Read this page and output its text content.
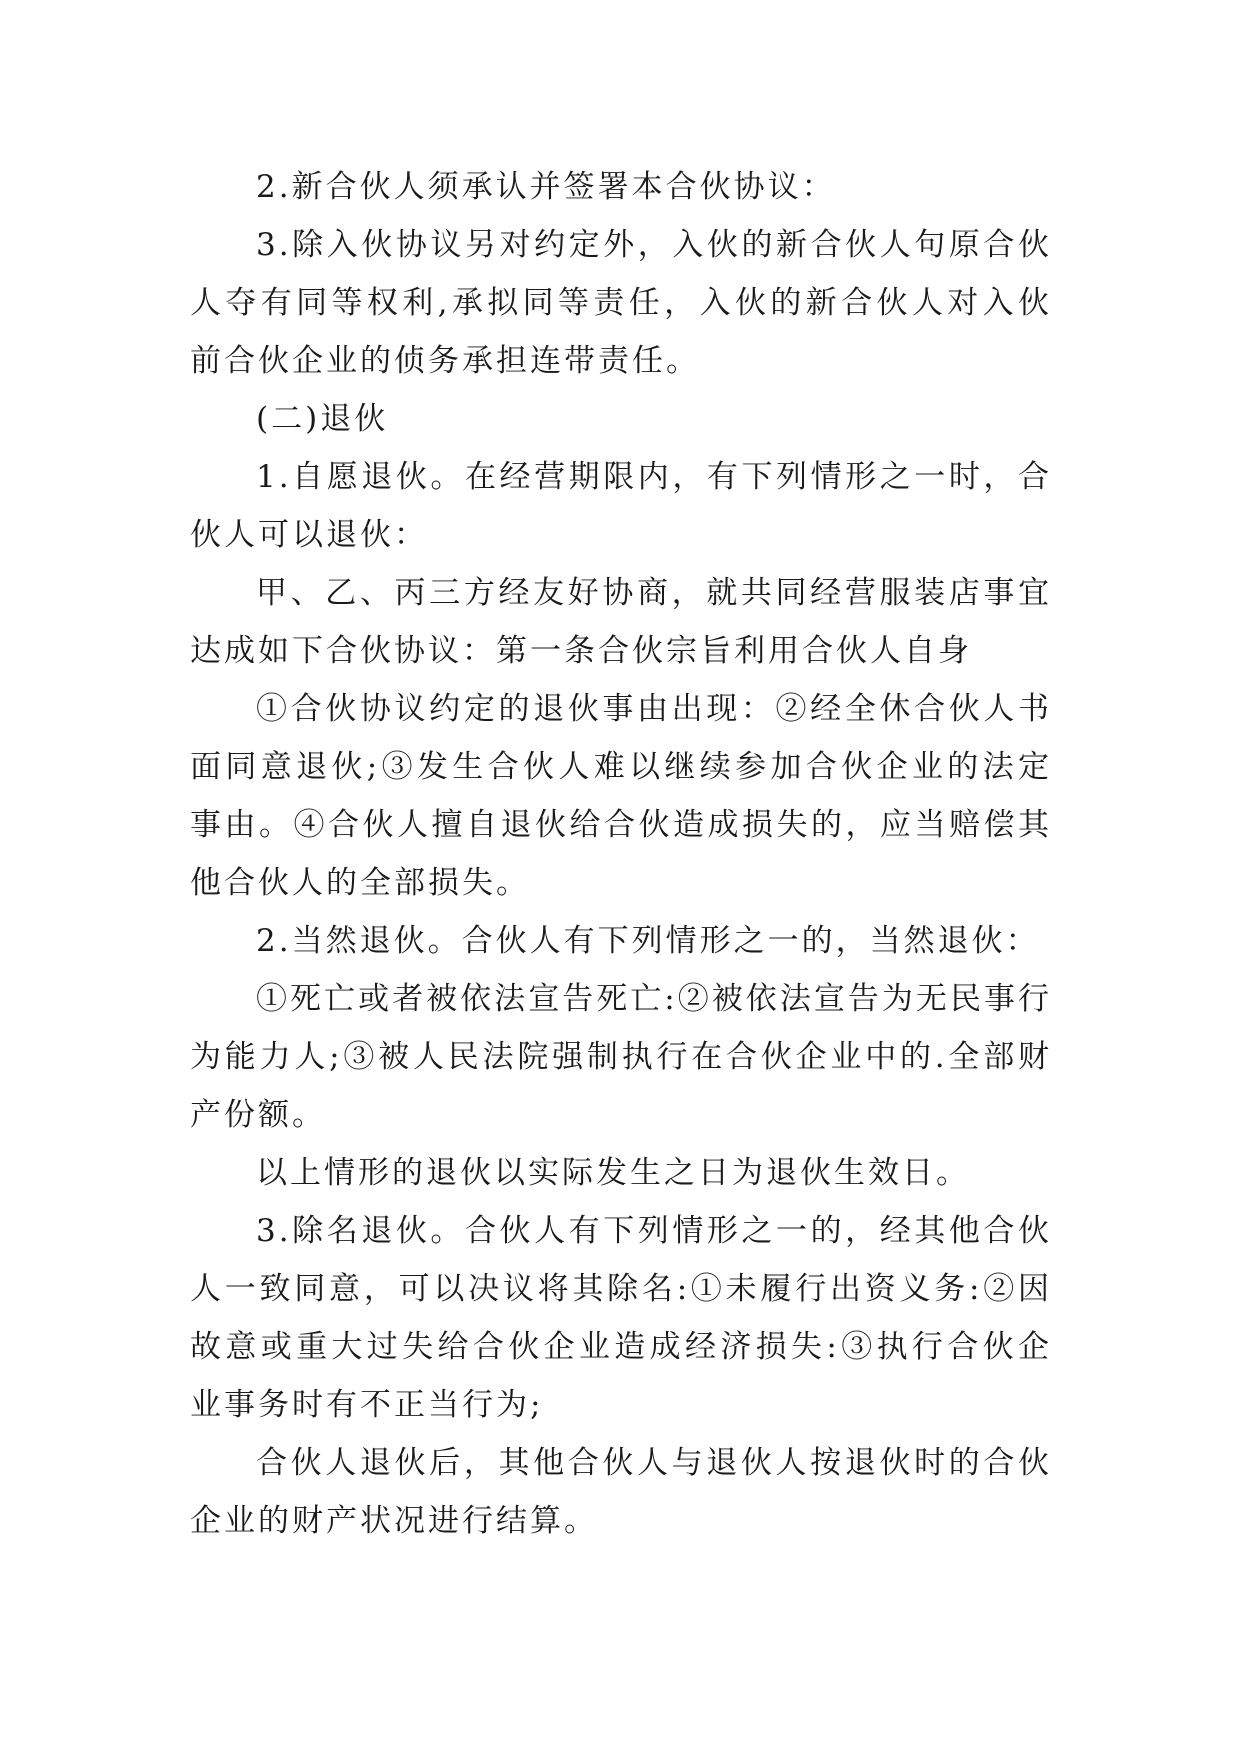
2.新合伙人须承认并签署本合伙协议：

3.除入伙协议另对约定外，入伙的新合伙人句原合伙人夺有同等权利,承拟同等责任，入伙的新合伙人对入伙前合伙企业的侦务承担连带责任。

(二)退伙

1.自愿退伙。在经营期限内，有下列情形之一时，合伙人可以退伙：

甲、乙、丙三方经友好协商，就共同经营服装店事宜达成如下合伙协议：第一条合伙宗旨利用合伙人自身

①合伙协议约定的退伙事由出现：②经全休合伙人书面同意退伙;③发生合伙人难以继续参加合伙企业的法定事由。④合伙人擅自退伙给合伙造成损失的，应当赔偿其他合伙人的全部损失。

2.当然退伙。合伙人有下列情形之一的，当然退伙：

①死亡或者被依法宣告死亡:②被依法宣告为无民事行为能力人;③被人民法院强制执行在合伙企业中的.全部财产份额。

以上情形的退伙以实际发生之日为退伙生效日。

3.除名退伙。合伙人有下列情形之一的，经其他合伙人一致同意，可以决议将其除名:①未履行出资义务:②因故意或重大过失给合伙企业造成经济损失:③执行合伙企业事务时有不正当行为;

合伙人退伙后，其他合伙人与退伙人按退伙时的合伙企业的财产状况进行结算。
